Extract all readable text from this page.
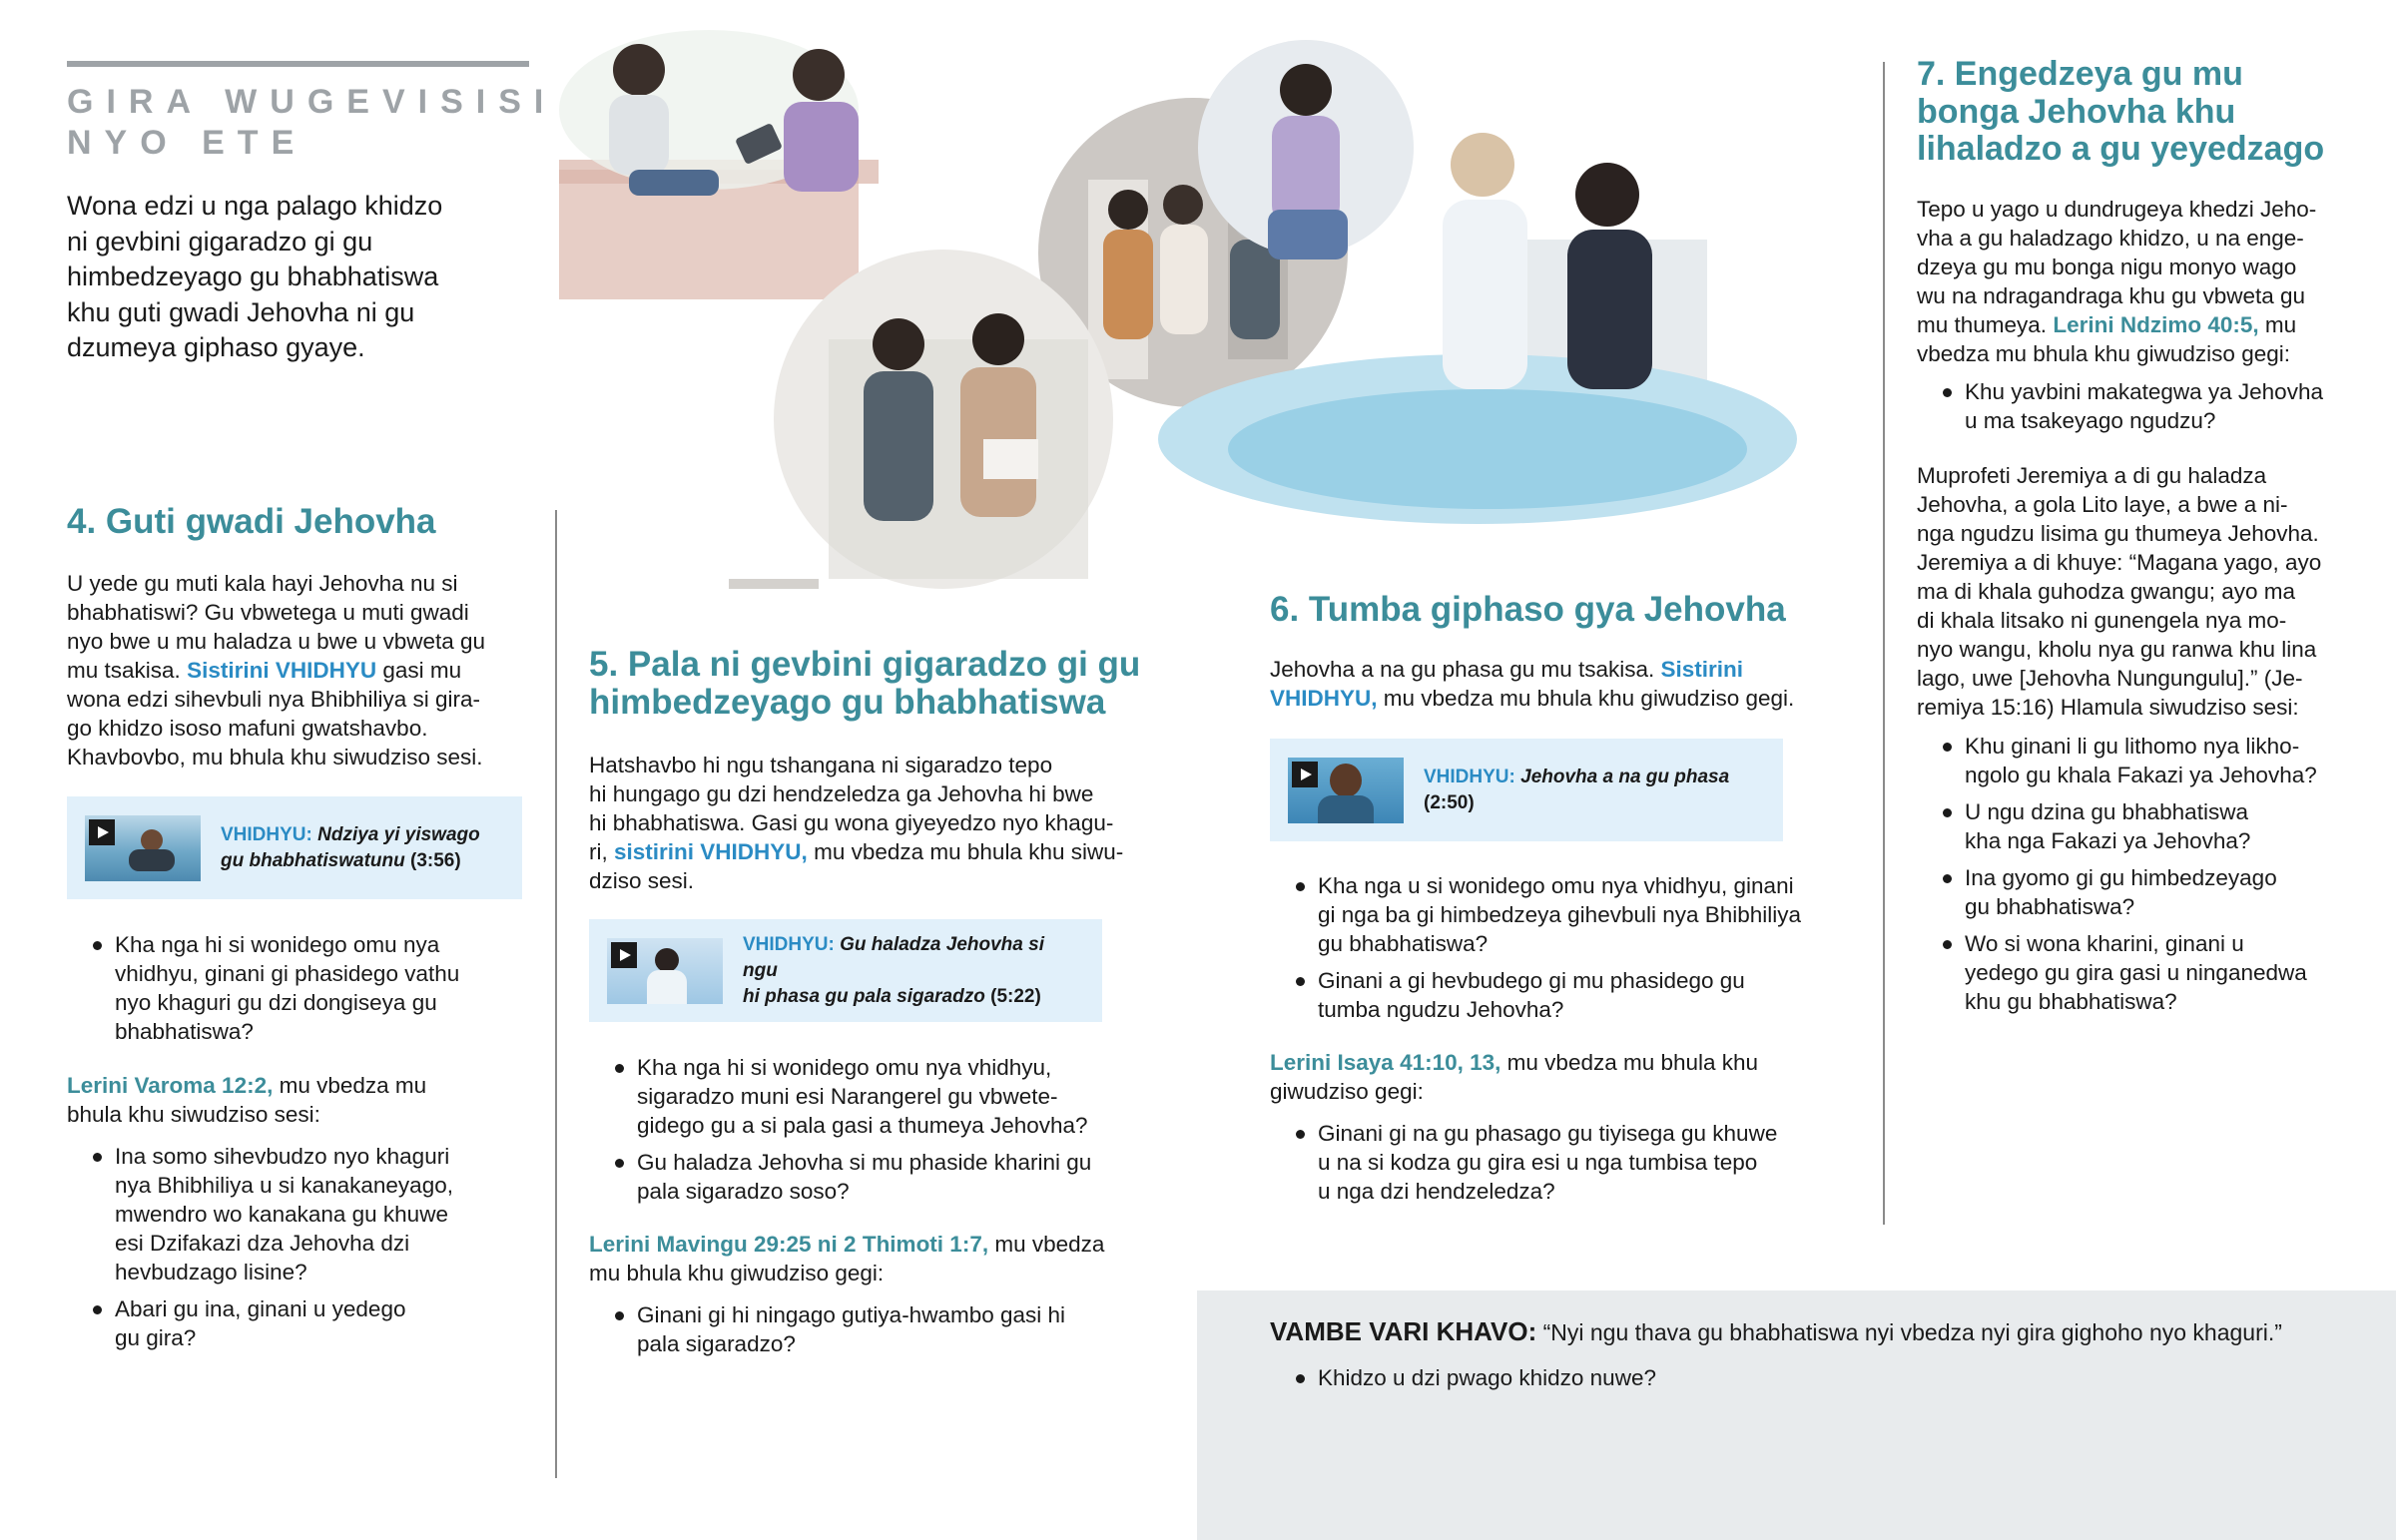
GIRA WUGEVISISI
NYO ETE
Wona edzi u nga palago khidzo
ni gevbini gigaradzo gi gu
himbedzeyago gu bhabhatiswa
khu guti gwadi Jehovha ni gu
dzumeya giphaso gyaye.
4. Guti gwadi Jehovha
U yede gu muti kala hayi Jehovha nu si
bhabhatiswi? Gu vbwetega u muti gwadi
nyo bwe u mu haladza u bwe u vbweta gu
mu tsakisa. Sistirini VHIDHYU gasi mu
wona edzi sihevbuli nya Bhibhiliya si gira-
go khidzo isoso mafuni gwatshavbo.
Khavbovbo, mu bhula khu siwudziso sesi.
VHIDHYU: Ndziya yi yiswago
gu bhabhatiswatunu (3:56)
Kha nga hi si wonidego omu nya
vhidhyu, ginani gi phasidego vathu
nyo khaguri gu dzi dongiseya gu
bhabhatiswa?
Lerini Varoma 12:2, mu vbedza mu
bhula khu siwudziso sesi:
Ina somo sihevbudzo nyo khaguri
nya Bhibhiliya u si kanakaneyago,
mwendro wo kanakana gu khuwe
esi Dzifakazi dza Jehovha dzi
hevbudzago lisine?
Abari gu ina, ginani u yedego
gu gira?
5. Pala ni gevbini gigaradzo gi gu
himbedzeyago gu bhabhatiswa
Hatshavbo hi ngu tshangana ni sigaradzo tepo
hi hungago gu dzi hendzeledza ga Jehovha hi bwe
hi bhabhatiswa. Gasi gu wona giyeyedzo nyo khagu-
ri, sistirini VHIDHYU, mu vbedza mu bhula khu siwu-
dziso sesi.
VHIDHYU: Gu haladza Jehovha si ngu
hi phasa gu pala sigaradzo (5:22)
Kha nga hi si wonidego omu nya vhidhyu,
sigaradzo muni esi Narangerel gu vbwete-
gidego gu a si pala gasi a thumeya Jehovha?
Gu haladza Jehovha si mu phaside kharini gu
pala sigaradzo soso?
Lerini Mavingu 29:25 ni 2 Thimoti 1:7, mu vbedza
mu bhula khu giwudziso gegi:
Ginani gi hi ningago gutiya-hwambo gasi hi
pala sigaradzo?
6. Tumba giphaso gya Jehovha
Jehovha a na gu phasa gu mu tsakisa. Sistirini
VHIDHYU, mu vbedza mu bhula khu giwudziso gegi.
VHIDHYU: Jehovha a na gu phasa
(2:50)
Kha nga u si wonidego omu nya vhidhyu, ginani
gi nga ba gi himbedzeya gihevbuli nya Bhibhiliya
gu bhabhatiswa?
Ginani a gi hevbudego gi mu phasidego gu
tumba ngudzu Jehovha?
Lerini Isaya 41:10, 13, mu vbedza mu bhula khu
giwudziso gegi:
Ginani gi na gu phasago gu tiyisega gu khuwe
u na si kodza gu gira esi u nga tumbisa tepo
u nga dzi hendzeledza?
7. Engedzeya gu mu
bonga Jehovha khu
lihaladzo a gu yeyedzago
Tepo u yago u dundrugeya khedzi Jeho-
vha a gu haladzago khidzo, u na enge-
dzeya gu mu bonga nigu monyo wago
wu na ndragandraga khu gu vbweta gu
mu thumeya. Lerini Ndzimo 40:5, mu
vbedza mu bhula khu giwudziso gegi:
Khu yavbini makategwa ya Jehovha
u ma tsakeyago ngudzu?
Muprofeti Jeremiya a di gu haladza
Jehovha, a gola Lito laye, a bwe a ni-
nga ngudzu lisima gu thumeya Jehovha.
Jeremiya a di khuye: “Magana yago, ayo
ma di khala guhodza gwangu; ayo ma
di khala litsako ni gunengela nya mo-
nyo wangu, kholu nya gu ranwa khu lina
lago, uwe [Jehovha Nungungulu].” (Je-
remiya 15:16) Hlamula siwudziso sesi:
Khu ginani li gu lithomo nya likho-
ngolo gu khala Fakazi ya Jehovha?
U ngu dzina gu bhabhatiswa
kha nga Fakazi ya Jehovha?
Ina gyomo gi gu himbedzeyago
gu bhabhatiswa?
Wo si wona kharini, ginani u
yedego gu gira gasi u ninganedwa
khu gu bhabhatiswa?
VAMBE VARI KHAVO: “Nyi ngu thava gu bhabhatiswa nyi vbedza nyi gira gighoho nyo khaguri.”
Khidzo u dzi pwago khidzo nuwe?
